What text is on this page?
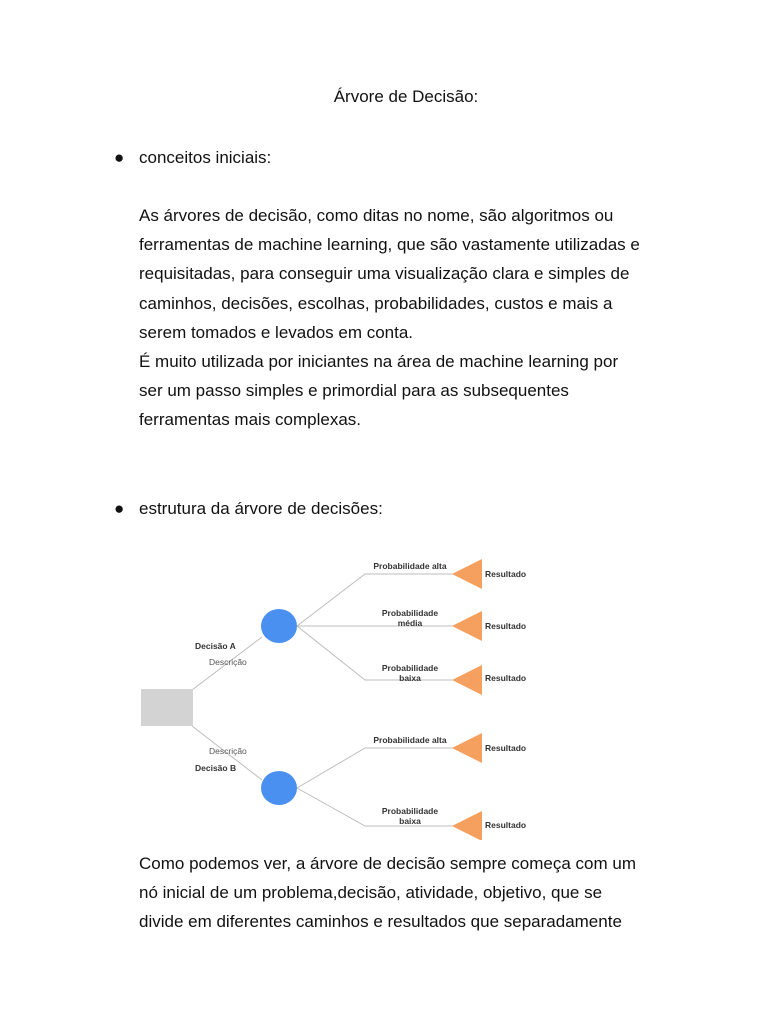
Árvore de Decisão:
● conceitos iniciais:
As árvores de decisão, como ditas no nome, são algoritmos ou
ferramentas de machine learning, que são vastamente utilizadas e
requisitadas, para conseguir uma visualização clara e simples de
caminhos, decisões, escolhas, probabilidades, custos e mais a
serem tomados e levados em conta.
É muito utilizada por iniciantes na área de machine learning por
ser um passo simples e primordial para as subsequentes
ferramentas mais complexas.
● estrutura da árvore de decisões:
Decisão A
Descrição
Descrição
Decisão B
Probabilidade alta
Probabilidade
média
Probabilidade
baixa
Probabilidade alta
Probabilidade
baixa
Resultado
Resultado
Resultado
Resultado
Resultado
Como podemos ver, a árvore de decisão sempre começa com um
nó inicial de um problema,decisão, atividade, objetivo, que se
divide em diferentes caminhos e resultados que separadamente
